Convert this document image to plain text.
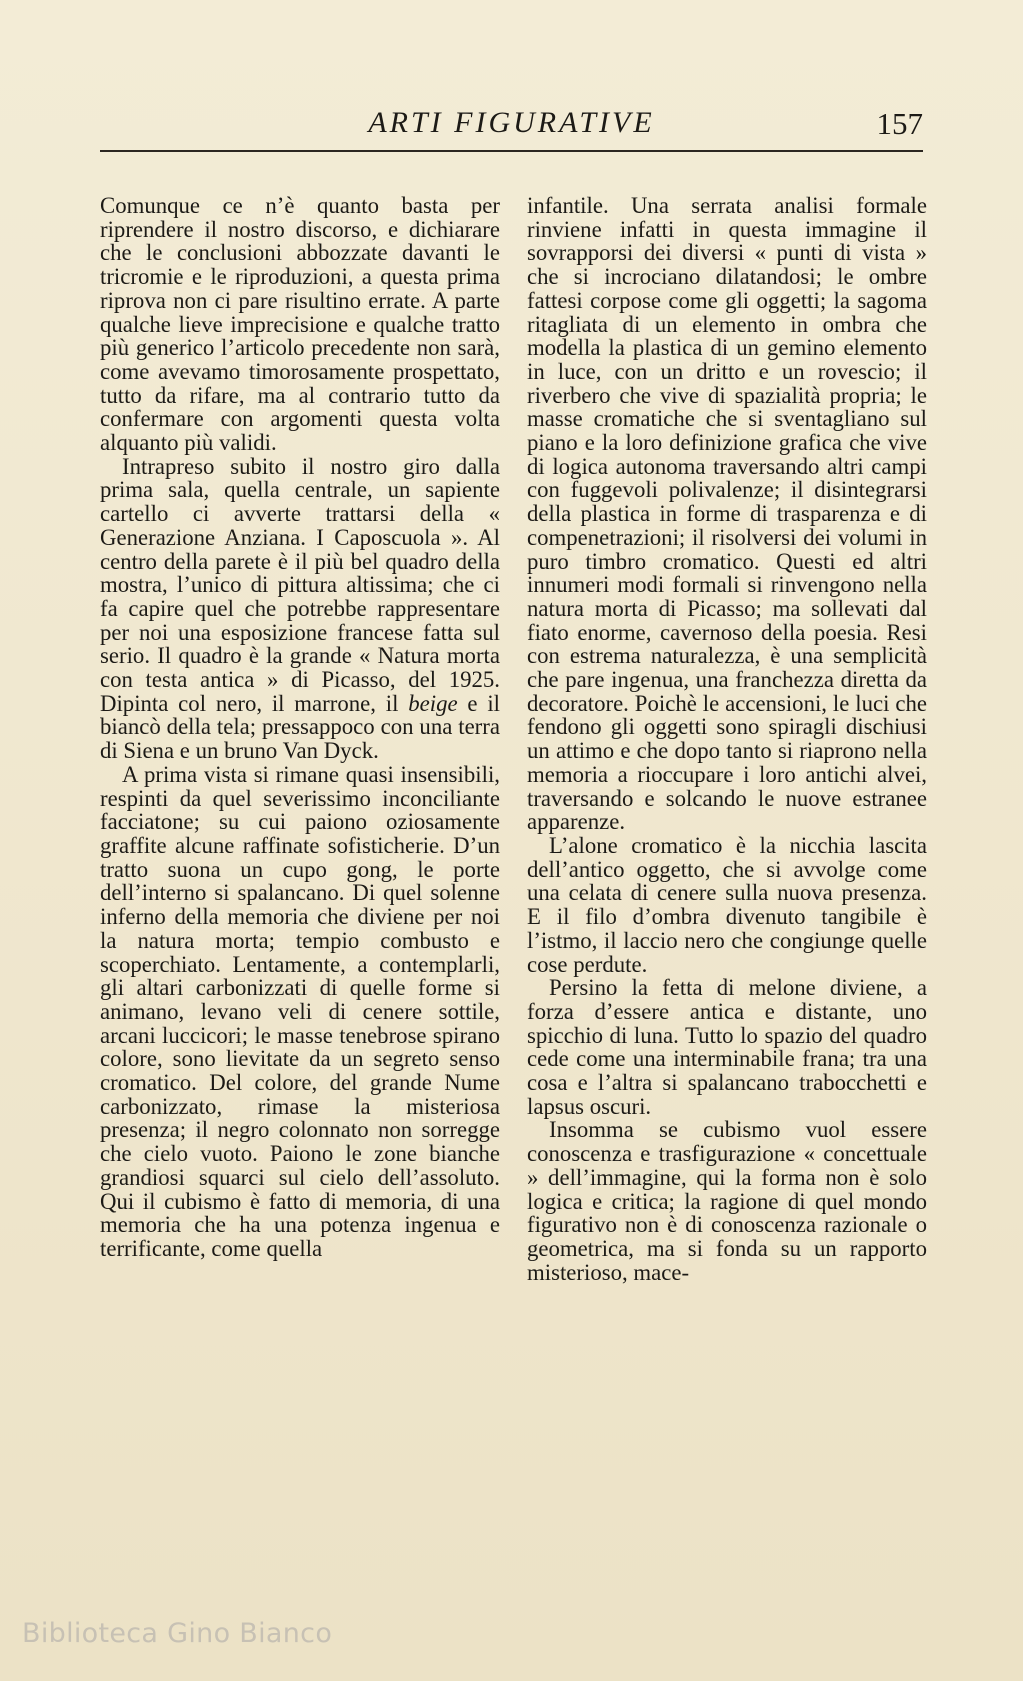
ARTI FIGURATIVE	157

Comunque ce n’è quanto basta per riprendere il nostro discorso, e dichiarare che le conclusioni abbozzate davanti le tricromie e le riproduzioni, a questa prima riprova non ci pare risultino errate. A parte qualche lieve imprecisione e qualche tratto più generico l’articolo precedente non sarà, come avevamo timorosamente prospettato, tutto da rifare, ma al contrario tutto da confermare con argomenti questa volta alquanto più validi.

Intrapreso subito il nostro giro dalla prima sala, quella centrale, un sapiente cartello ci avverte trattarsi della « Generazione Anziana. I Caposcuola ». Al centro della parete è il più bel quadro della mostra, l’unico di pittura altissima; che ci fa capire quel che potrebbe rappresentare per noi una esposizione francese fatta sul serio. Il quadro è la grande « Natura morta con testa antica » di Picasso, del 1925. Dipinta col nero, il marrone, il beige e il biancò della tela; pressappoco con una terra di Siena e un bruno Van Dyck.

A prima vista si rimane quasi insensibili, respinti da quel severissimo inconciliante facciatone; su cui paiono oziosamente graffite alcune raffinate sofisticherie. D’un tratto suona un cupo gong, le porte dell’interno si spalancano. Di quel solenne inferno della memoria che diviene per noi la natura morta; tempio combusto e scoperchiato. Lentamente, a contemplarli, gli altari carbonizzati di quelle forme si animano, levano veli di cenere sottile, arcani luccicori; le masse tenebrose spirano colore, sono lievitate da un segreto senso cromatico. Del colore, del grande Nume carbonizzato, rimase la misteriosa presenza; il negro colonnato non sorregge che cielo vuoto. Paiono le zone bianche grandiosi squarci sul cielo dell’assoluto. Qui il cubismo è fatto di memoria, di una memoria che ha una potenza ingenua e terrificante, come quella

infantile. Una serrata analisi formale rinviene infatti in questa immagine il sovrapporsi dei diversi « punti di vista » che si incrociano dilatandosi; le ombre fattesi corpose come gli oggetti; la sagoma ritagliata di un elemento in ombra che modella la plastica di un gemino elemento in luce, con un dritto e un rovescio; il riverbero che vive di spazialità propria; le masse cromatiche che si sventagliano sul piano e la loro definizione grafica che vive di logica autonoma traversando altri campi con fuggevoli polivalenze; il disintegrarsi della plastica in forme di trasparenza e di compenetrazioni; il risolversi dei volumi in puro timbro cromatico. Questi ed altri innumeri modi formali si rinvengono nella natura morta di Picasso; ma sollevati dal fiato enorme, cavernoso della poesia. Resi con estrema naturalezza, è una semplicità che pare ingenua, una franchezza diretta da decoratore. Poichè le accensioni, le luci che fendono gli oggetti sono spiragli dischiusi un attimo e che dopo tanto si riaprono nella memoria a rioccupare i loro antichi alvei, traversando e solcando le nuove estranee apparenze.

L’alone cromatico è la nicchia lascita dell’antico oggetto, che si avvolge come una celata di cenere sulla nuova presenza. E il filo d’ombra divenuto tangibile è l’istmo, il laccio nero che congiunge quelle cose perdute.

Persino la fetta di melone diviene, a forza d’essere antica e distante, uno spicchio di luna. Tutto lo spazio del quadro cede come una interminabile frana; tra una cosa e l’altra si spalancano trabocchetti e lapsus oscuri.

Insomma se cubismo vuol essere conoscenza e trasfigurazione « concettuale » dell’immagine, qui la forma non è solo logica e critica; la ragione di quel mondo figurativo non è di conoscenza razionale o geometrica, ma si fonda su un rapporto misterioso, mace-

Biblioteca Gino Bianco
